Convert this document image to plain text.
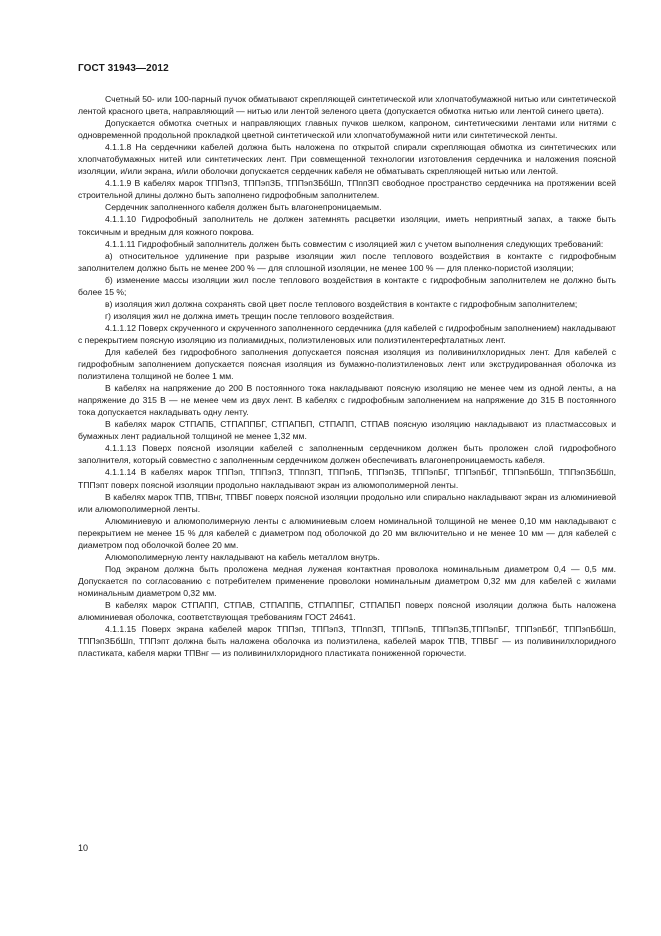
ГОСТ 31943—2012

Счетный 50- или 100-парный пучок обматывают скрепляющей синтетической или хлопчатобумажной нитью или синтетической лентой красного цвета, направляющий — нитью или лентой зеленого цвета (допускается обмотка нитью или лентой синего цвета).

Допускается обмотка счетных и направляющих главных пучков шелком, капроном, синтетическими лентами или нитями с одновременной продольной прокладкой цветной синтетической или хлопчатобумажной нити или синтетической ленты.

4.1.1.8 На сердечники кабелей должна быть наложена по открытой спирали скрепляющая обмотка из синтетических или хлопчатобумажных нитей или синтетических лент. При совмещенной технологии изготовления сердечника и наложения поясной изоляции, и/или экрана, и/или оболочки допускается сердечник кабеля не обматывать скрепляющей нитью или лентой.

4.1.1.9 В кабелях марок ТППэпЗ, ТППэпЗБ, ТППэпЗБбШп, ТПппЗП свободное пространство сердечника на протяжении всей строительной длины должно быть заполнено гидрофобным заполнителем.

Сердечник заполненного кабеля должен быть влагонепроницаемым.

4.1.1.10 Гидрофобный заполнитель не должен затемнять расцветки изоляции, иметь неприятный запах, а также быть токсичным и вредным для кожного покрова.

4.1.1.11 Гидрофобный заполнитель должен быть совместим с изоляцией жил с учетом выполнения следующих требований:

а) относительное удлинение при разрыве изоляции жил после теплового воздействия в контакте с гидрофобным заполнителем должно быть не менее 200 % — для сплошной изоляции, не менее 100 % — для пленко-пористой изоляции;

б) изменение массы изоляции жил после теплового воздействия в контакте с гидрофобным заполнителем не должно быть более 15 %;

в) изоляция жил должна сохранять свой цвет после теплового воздействия в контакте с гидрофобным заполнителем;

г) изоляция жил не должна иметь трещин после теплового воздействия.

4.1.1.12 Поверх скрученного и скрученного заполненного сердечника (для кабелей с гидрофобным заполнением) накладывают с перекрытием поясную изоляцию из полиамидных, полиэтиленовых или полиэтилентерефталатных лент.

Для кабелей без гидрофобного заполнения допускается поясная изоляция из поливинилхлоридных лент. Для кабелей с гидрофобным заполнением допускается поясная изоляция из бумажно-полиэтиленовых лент или экструдированная оболочка из полиэтилена толщиной не более 1 мм.

В кабелях на напряжение до 200 В постоянного тока накладывают поясную изоляцию не менее чем из одной ленты, а на напряжение до 315 В — не менее чем из двух лент. В кабелях с гидрофобным заполнением на напряжение до 315 В постоянного тока допускается накладывать одну ленту.

В кабелях марок СТПАПБ, СТПАППБГ, СТПАПБП, СТПАПП, СТПАВ поясную изоляцию накладывают из пластмассовых и бумажных лент радиальной толщиной не менее 1,32 мм.

4.1.1.13 Поверх поясной изоляции кабелей с заполненным сердечником должен быть проложен слой гидрофобного заполнителя, который совместно с заполненным сердечником должен обеспечивать влагонепроницаемость кабеля.

4.1.1.14 В кабелях марок ТППэп, ТППэпЗ, ТПппЗП, ТППэпБ, ТППэпЗБ, ТППэпБГ, ТППэпБбГ, ТППэпБбШп, ТППэпЗБбШп, ТППэпт поверх поясной изоляции продольно накладывают экран из алюмополимерной ленты.

В кабелях марок ТПВ, ТПВнг, ТПВБГ поверх поясной изоляции продольно или спирально накладывают экран из алюминиевой или алюмополимерной ленты.

Алюминиевую и алюмополимерную ленты с алюминиевым слоем номинальной толщиной не менее 0,10 мм накладывают с перекрытием не менее 15 % для кабелей с диаметром под оболочкой до 20 мм включительно и не менее 10 мм — для кабелей с диаметром под оболочкой более 20 мм.

Алюмополимерную ленту накладывают на кабель металлом внутрь.

Под экраном должна быть проложена медная луженая контактная проволока номинальным диаметром 0,4 — 0,5 мм. Допускается по согласованию с потребителем применение проволоки номинальным диаметром 0,32 мм для кабелей с жилами номинальным диаметром 0,32 мм.

В кабелях марок СТПАПП, СТПАВ, СТПАППБ, СТПАППБГ, СТПАПБП поверх поясной изоляции должна быть наложена алюминиевая оболочка, соответствующая требованиям ГОСТ 24641.

4.1.1.15 Поверх экрана кабелей марок ТППэп, ТППэпЗ, ТПппЗП, ТППэпБ, ТППэпЗБ,ТППэпБГ, ТППэпБбГ, ТППэпБбШп, ТППэпЗБбШп, ТППэпт должна быть наложена оболочка из полиэтилена, кабелей марок ТПВ, ТПВБГ — из поливинилхлоридного пластиката, кабеля марки ТПВнг — из поливинилхлоридного пластиката пониженной горючести.

10
